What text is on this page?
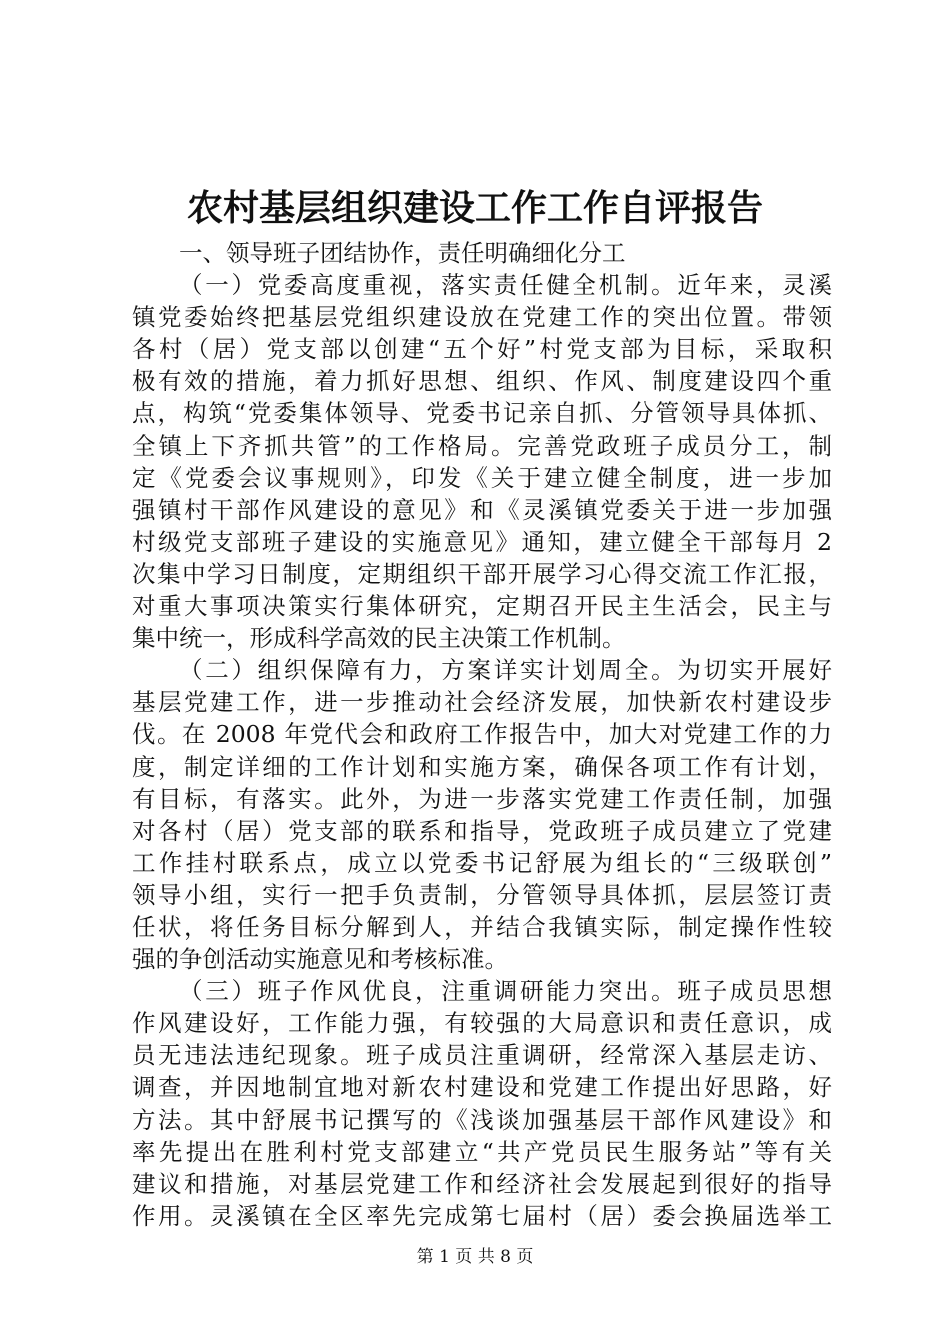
农村基层组织建设工作工作自评报告
一、领导班子团结协作，责任明确细化分工
（一）党委高度重视，落实责任健全机制。近年来，灵溪
镇党委始终把基层党组织建设放在党建工作的突出位置。带领
各村（居）党支部以创建“五个好”村党支部为目标，采取积
极有效的措施，着力抓好思想、组织、作风、制度建设四个重
点，构筑“党委集体领导、党委书记亲自抓、分管领导具体抓、
全镇上下齐抓共管”的工作格局。完善党政班子成员分工，制
定《党委会议事规则》，印发《关于建立健全制度，进一步加
强镇村干部作风建设的意见》和《灵溪镇党委关于进一步加强
村级党支部班子建设的实施意见》通知，建立健全干部每月 2
次集中学习日制度，定期组织干部开展学习心得交流工作汇报，
对重大事项决策实行集体研究，定期召开民主生活会，民主与
集中统一，形成科学高效的民主决策工作机制。
（二）组织保障有力，方案详实计划周全。为切实开展好
基层党建工作，进一步推动社会经济发展，加快新农村建设步
伐。在 2008 年党代会和政府工作报告中，加大对党建工作的力
度，制定详细的工作计划和实施方案，确保各项工作有计划，
有目标，有落实。此外，为进一步落实党建工作责任制，加强
对各村（居）党支部的联系和指导，党政班子成员建立了党建
工作挂村联系点，成立以党委书记舒展为组长的“三级联创”
领导小组，实行一把手负责制，分管领导具体抓，层层签订责
任状，将任务目标分解到人，并结合我镇实际，制定操作性较
强的争创活动实施意见和考核标准。
（三）班子作风优良，注重调研能力突出。班子成员思想
作风建设好，工作能力强，有较强的大局意识和责任意识，成
员无违法违纪现象。班子成员注重调研，经常深入基层走访、
调查，并因地制宜地对新农村建设和党建工作提出好思路，好
方法。其中舒展书记撰写的《浅谈加强基层干部作风建设》和
率先提出在胜利村党支部建立“共产党员民生服务站”等有关
建议和措施，对基层党建工作和经济社会发展起到很好的指导
作用。灵溪镇在全区率先完成第七届村（居）委会换届选举工
第 1 页 共 8 页
